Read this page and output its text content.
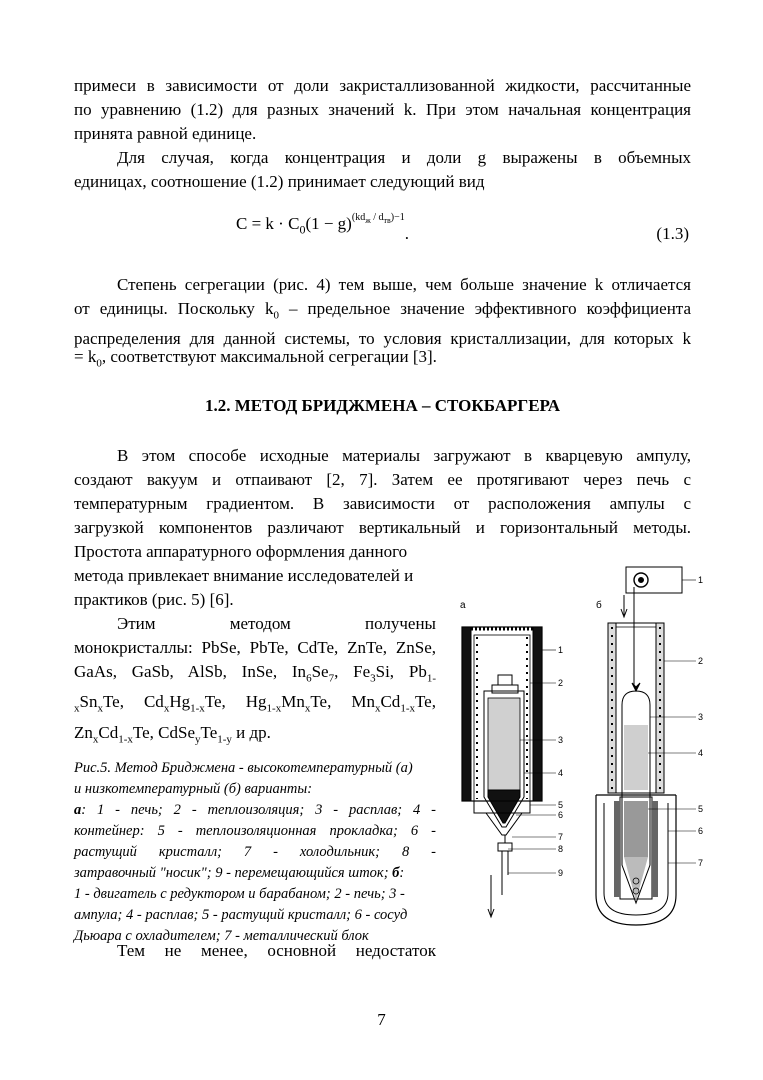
примеси в зависимости от доли закристаллизованной жидкости, рассчитанные
по уравнению (1.2) для разных значений k. При этом начальная концентрация
принята равной единице.
Для случая, когда концентрация и доли g выражены в объемных
единицах, соотношение (1.2) принимает следующий вид
$C = k \cdot C_0(1 - g)^{(kd_ж / d_{тв})-1}$.	(1.3)
Степень сегрегации (рис. 4) тем выше, чем больше значение k отличается
от единицы. Поскольку $k_0$ – предельное значение эффективного коэффициента
распределения для данной системы, то условия кристаллизации, для которых k
= $k_0$, соответствуют максимальной сегрегации [3].
1.2. МЕТОД БРИДЖМЕНА – СТОКБАРГЕРА
В этом способе исходные материалы загружают в кварцевую ампулу,
создают вакуум и отпаивают [2, 7]. Затем ее протягивают через печь с
температурным градиентом. В зависимости от расположения ампулы с
загрузкой компонентов различают вертикальный и горизонтальный методы.
Простота аппаратурного оформления данного
метода привлекает внимание исследователей и
практиков (рис. 5) [6].
Этим	методом	получены
монокристаллы: PbSe, PbTe, CdTe, ZnTe, ZnSe,
GaAs, GaSb, AlSb, InSe, $In_6Se_7$, $Fe_3Si$, $Pb_{1-}$
$_xSn_xTe$, $Cd_xHg_{1-x}Te$, $Hg_{1-x}Mn_xTe$, $Mn_xCd_{1-x}Te$,
$Zn_xCd_{1-x}Te$, $CdSe_yTe_{1-y}$ и др.
Рис.5. Метод Бриджмена - высокотемпературный (а)
и низкотемпературный (б) варианты:
а: 1 - печь; 2 - теплоизоляция; 3 - расплав; 4 -
контейнер: 5 - теплоизоляционная прокладка; 6 -
растущий кристалл; 7 - холодильник; 8 -
затравочный "носик"; 9 - перемещающийся шток; б:
1 - двигатель с редуктором и барабаном; 2 - печь; 3 -
ампула; 4 - расплав; 5 - растущий кристалл; 6 - сосуд
Дьюара с охладителем; 7 - металлический блок
Тем не менее, основной недостаток
а	б
1
2
3
4
5
6
7
8
9
1
2
3
4
5
6
7
7
